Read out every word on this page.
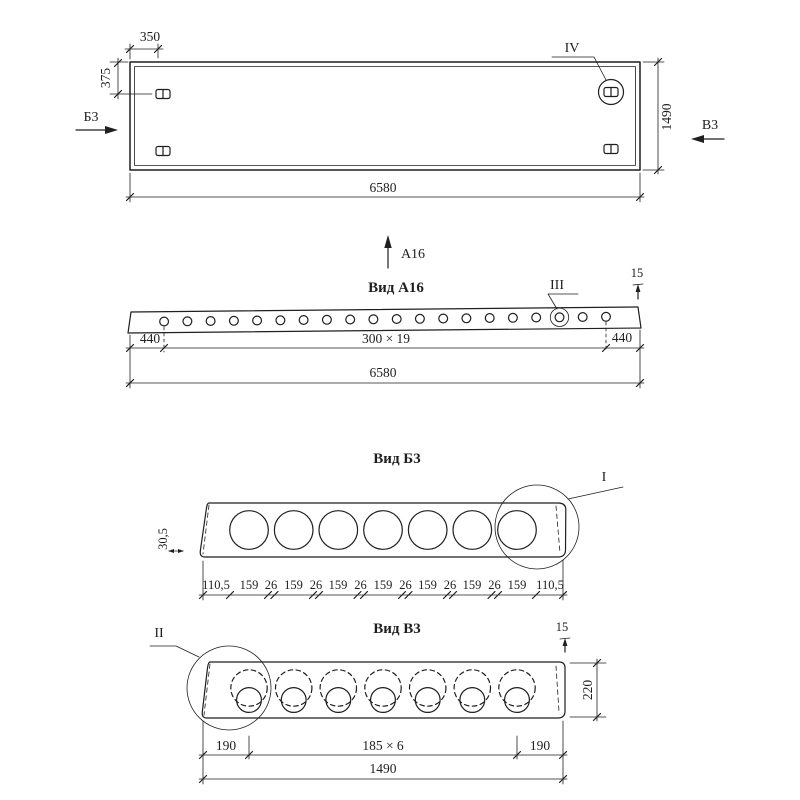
IV
350
375
Б3
В3
1490
6580
А16
Вид А16	III
15
440	300 × 19	440
6580
Вид Б3
I
30,5
110,5 159 26 159 26 159 26 159 26 159 26 159 26 159 110,5
Вид В3	15
II
220
190	185 × 6	190
1490
